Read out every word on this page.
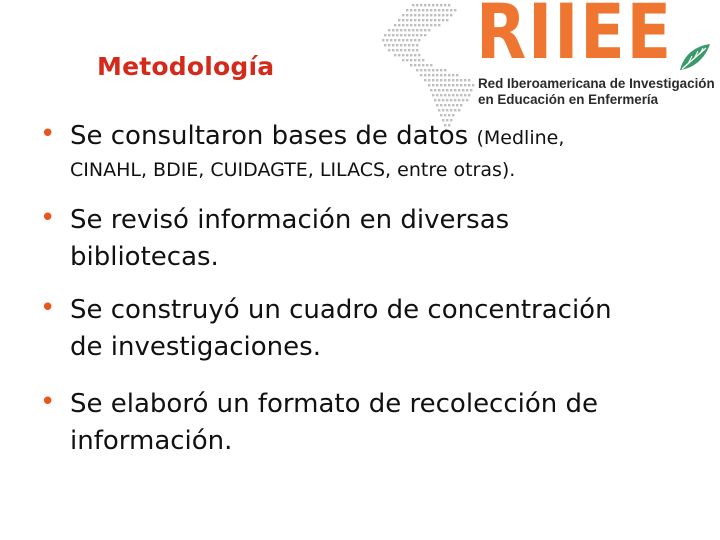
RIIEE
Red Iberoamericana de Investigación
en Educación en Enfermería
Metodología
• Se consultaron bases de datos (Medline,
CINAHL, BDIE, CUIDAGTE, LILACS, entre otras).
• Se revisó información en diversas
bibliotecas.
• Se construyó un cuadro de concentración
de investigaciones.
• Se elaboró un formato de recolección de
información.
